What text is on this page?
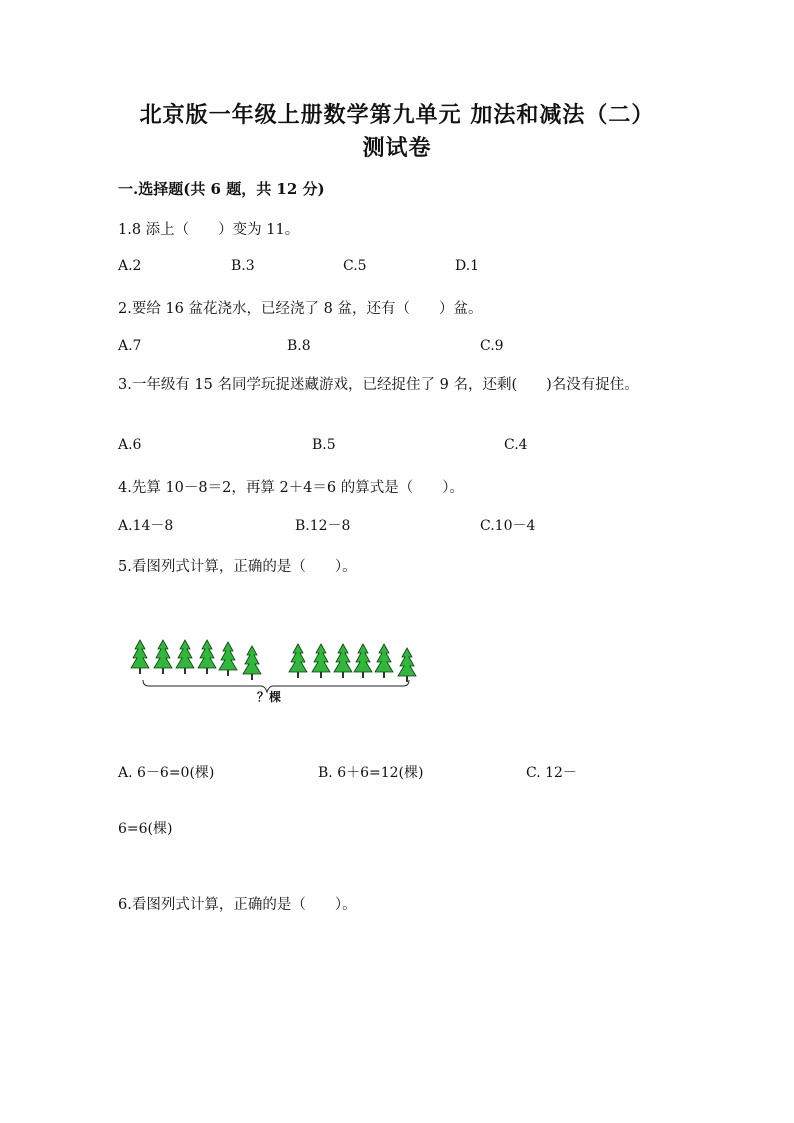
北京版一年级上册数学第九单元 加法和减法（二）
测试卷
一.选择题(共 6 题，共 12 分)
1.8 添上（　　）变为 11。
A.2	B.3	C.5	D.1
2.要给 16 盆花浇水，已经浇了 8 盆，还有（　　）盆。
A.7	B.8	C.9
3.一年级有 15 名同学玩捉迷藏游戏，已经捉住了 9 名，还剩(　　)名没有捉住。
A.6	B.5	C.4
4.先算 10－8＝2，再算 2＋4＝6 的算式是（　　）。
A.14－8	B.12－8	C.10－4
5.看图列式计算，正确的是（　　）。
？棵
A. 6－6=0(棵)	B. 6＋6=12(棵)	C. 12－
6=6(棵)
6.看图列式计算，正确的是（　　）。
